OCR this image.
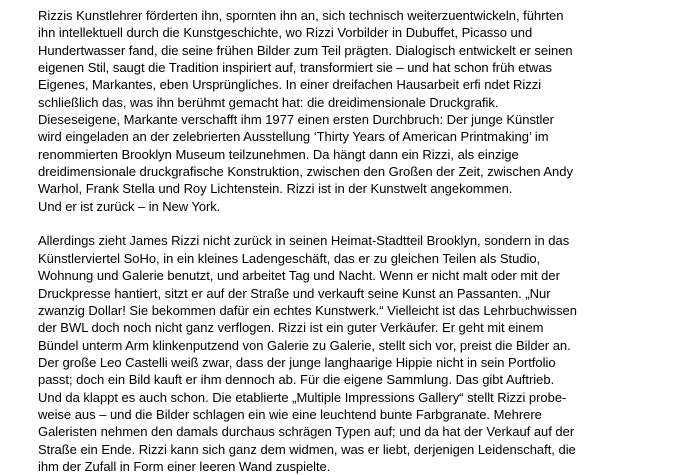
Rizzis Kunstlehrer förderten ihn, spornten ihn an, sich technisch weiterzuentwickeln, führten
ihn intellektuell durch die Kunstgeschichte, wo Rizzi Vorbilder in Dubuffet, Picasso und
Hundertwasser fand, die seine frühen Bilder zum Teil prägten. Dialogisch entwickelt er seinen
eigenen Stil, saugt die Tradition inspiriert auf, transformiert sie – und hat schon früh etwas
Eigenes, Markantes, eben Ursprüngliches. In einer dreifachen Hausarbeit erfi ndet Rizzi
schließlich das, was ihn berühmt gemacht hat: die dreidimensionale Druckgrafik.
Dieseseigene, Markante verschafft ihm 1977 einen ersten Durchbruch: Der junge Künstler
wird eingeladen an der zelebrierten Ausstellung ‘Thirty Years of American Printmaking’ im
renommierten Brooklyn Museum teilzunehmen. Da hängt dann ein Rizzi, als einzige
dreidimensionale druckgrafische Konstruktion, zwischen den Großen der Zeit, zwischen Andy
Warhol, Frank Stella und Roy Lichtenstein. Rizzi ist in der Kunstwelt angekommen.
Und er ist zurück – in New York.
Allerdings zieht James Rizzi nicht zurück in seinen Heimat-Stadtteil Brooklyn, sondern in das
Künstlerviertel SoHo, in ein kleines Ladengeschäft, das er zu gleichen Teilen als Studio,
Wohnung und Galerie benutzt, und arbeitet Tag und Nacht. Wenn er nicht malt oder mit der
Druckpresse hantiert, sitzt er auf der Straße und verkauft seine Kunst an Passanten. „Nur
zwanzig Dollar! Sie bekommen dafür ein echtes Kunstwerk.“ Vielleicht ist das Lehrbuchwissen
der BWL doch noch nicht ganz verflogen. Rizzi ist ein guter Verkäufer. Er geht mit einem
Bündel unterm Arm klinkenputzend von Galerie zu Galerie, stellt sich vor, preist die Bilder an.
Der große Leo Castelli weiß zwar, dass der junge langhaarige Hippie nicht in sein Portfolio
passt; doch ein Bild kauft er ihm dennoch ab. Für die eigene Sammlung. Das gibt Auftrieb.
Und da klappt es auch schon. Die etablierte „Multiple Impressions Gallery“ stellt Rizzi probe-
weise aus – und die Bilder schlagen ein wie eine leuchtend bunte Farbgranate. Mehrere
Galeristen nehmen den damals durchaus schrägen Typen auf; und da hat der Verkauf auf der
Straße ein Ende. Rizzi kann sich ganz dem widmen, was er liebt, derjenigen Leidenschaft, die
ihm der Zufall in Form einer leeren Wand zuspielte.
